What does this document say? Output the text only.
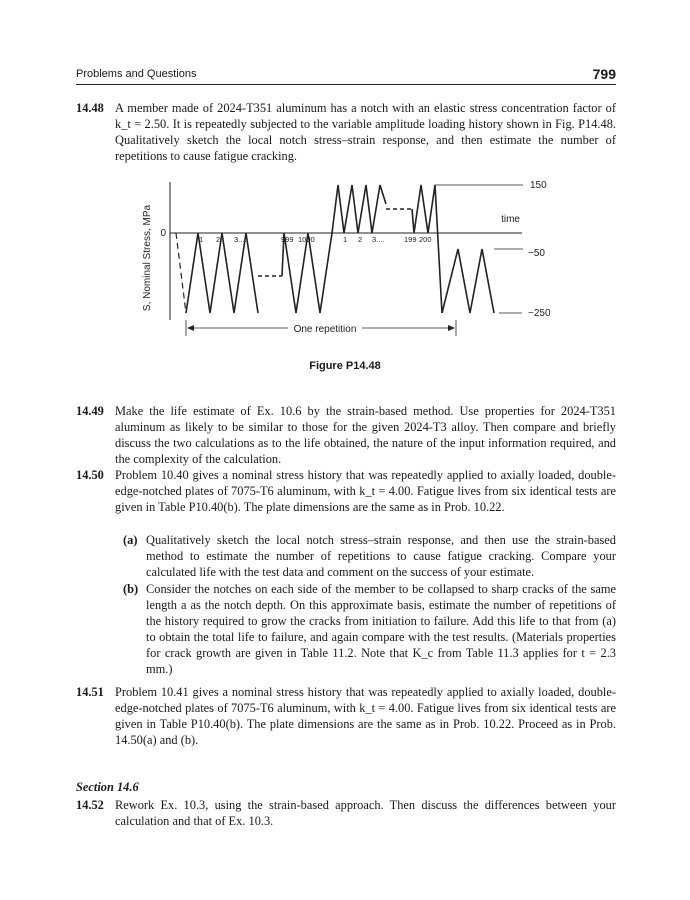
Problems and Questions	799
14.48 A member made of 2024-T351 aluminum has a notch with an elastic stress concentration factor of k_t = 2.50. It is repeatedly subjected to the variable amplitude loading history shown in Fig. P14.48. Qualitatively sketch the local notch stress–strain response, and then estimate the number of repetitions to cause fatigue cracking.
S, Nominal Stress, MPa 0
time
150
−50
−250
1 2 3.....	999 1000	1 2 3....	199 200
One repetition
Figure P14.48
14.49 Make the life estimate of Ex. 10.6 by the strain-based method. Use properties for 2024-T351 aluminum as likely to be similar to those for the given 2024-T3 alloy. Then compare and briefly discuss the two calculations as to the life obtained, the nature of the input information required, and the complexity of the calculation.
14.50 Problem 10.40 gives a nominal stress history that was repeatedly applied to axially loaded, double-edge-notched plates of 7075-T6 aluminum, with k_t = 4.00. Fatigue lives from six identical tests are given in Table P10.40(b). The plate dimensions are the same as in Prob. 10.22.
(a) Qualitatively sketch the local notch stress–strain response, and then use the strain-based method to estimate the number of repetitions to cause fatigue cracking. Compare your calculated life with the test data and comment on the success of your estimate.
(b) Consider the notches on each side of the member to be collapsed to sharp cracks of the same length a as the notch depth. On this approximate basis, estimate the number of repetitions of the history required to grow the cracks from initiation to failure. Add this life to that from (a) to obtain the total life to failure, and again compare with the test results. (Materials properties for crack growth are given in Table 11.2. Note that K_c from Table 11.3 applies for t = 2.3 mm.)
14.51 Problem 10.41 gives a nominal stress history that was repeatedly applied to axially loaded, double-edge-notched plates of 7075-T6 aluminum, with k_t = 4.00. Fatigue lives from six identical tests are given in Table P10.40(b). The plate dimensions are the same as in Prob. 10.22. Proceed as in Prob. 14.50(a) and (b).
Section 14.6
14.52 Rework Ex. 10.3, using the strain-based approach. Then discuss the differences between your calculation and that of Ex. 10.3.
